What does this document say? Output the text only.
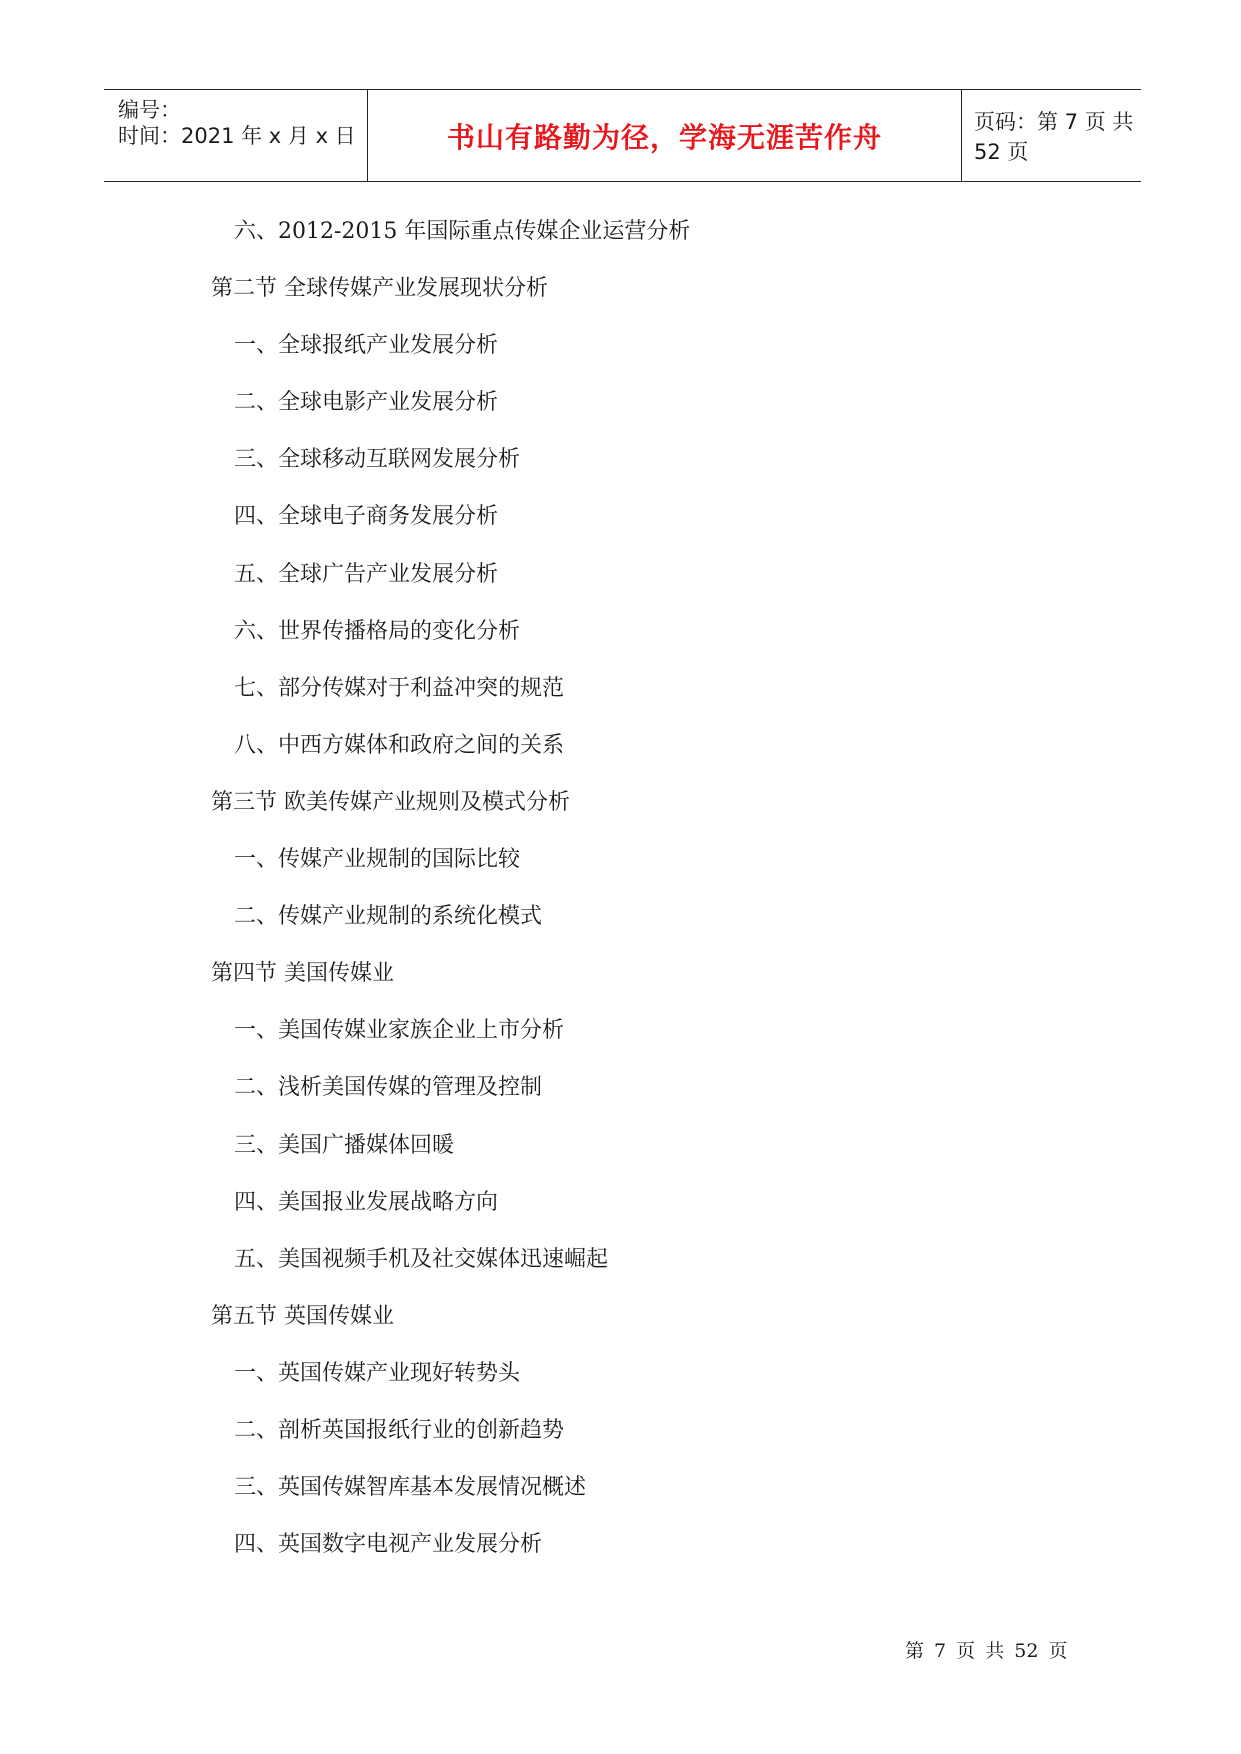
编号：
时间：2021 年 x 月 x 日	书山有路勤为径，学海无涯苦作舟	页码：第 7 页 共 52 页
六、2012-2015 年国际重点传媒企业运营分析
第二节 全球传媒产业发展现状分析
一、全球报纸产业发展分析
二、全球电影产业发展分析
三、全球移动互联网发展分析
四、全球电子商务发展分析
五、全球广告产业发展分析
六、世界传播格局的变化分析
七、部分传媒对于利益冲突的规范
八、中西方媒体和政府之间的关系
第三节 欧美传媒产业规则及模式分析
一、传媒产业规制的国际比较
二、传媒产业规制的系统化模式
第四节 美国传媒业
一、美国传媒业家族企业上市分析
二、浅析美国传媒的管理及控制
三、美国广播媒体回暖
四、美国报业发展战略方向
五、美国视频手机及社交媒体迅速崛起
第五节 英国传媒业
一、英国传媒产业现好转势头
二、剖析英国报纸行业的创新趋势
三、英国传媒智库基本发展情况概述
四、英国数字电视产业发展分析
第 7 页 共 52 页
